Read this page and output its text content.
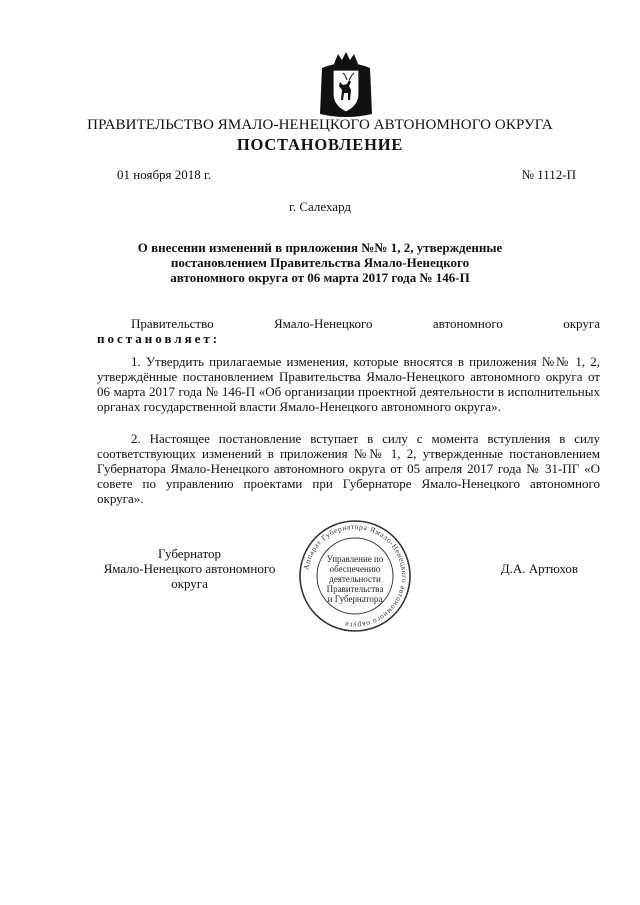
ПРАВИТЕЛЬСТВО ЯМАЛО-НЕНЕЦКОГО АВТОНОМНОГО ОКРУГА
ПОСТАНОВЛЕНИЕ
01 ноября 2018 г.	№ 1112-П
г. Салехард
О внесении изменений в приложения №№ 1, 2, утвержденные
постановлением Правительства Ямало-Ненецкого
автономного округа от 06 марта 2017 года № 146-П
Правительство	Ямало-Ненецкого	автономного	округа
постановляет:
1. Утвердить прилагаемые изменения, которые вносятся в приложения №№ 1, 2, утверждённые постановлением Правительства Ямало-Ненецкого автономного округа от 06 марта 2017 года № 146-П «Об организации проектной деятельности в исполнительных органах государственной власти Ямало-Ненецкого автономного округа».
2. Настоящее постановление вступает в силу с момента вступления в силу соответствующих изменений в приложения №№ 1, 2, утвержденные постановлением Губернатора Ямало-Ненецкого автономного округа от 05 апреля 2017 года № 31-ПГ «О совете по управлению проектами при Губернаторе Ямало-Ненецкого автономного округа».
Губернатор
Ямало-Ненецкого автономного округа
Д.А. Артюхов
Аппарат Губернатора Ямало-Ненецкого автономного округа
Управление по
обеспечению
деятельности
Правительства
и Губернатора
